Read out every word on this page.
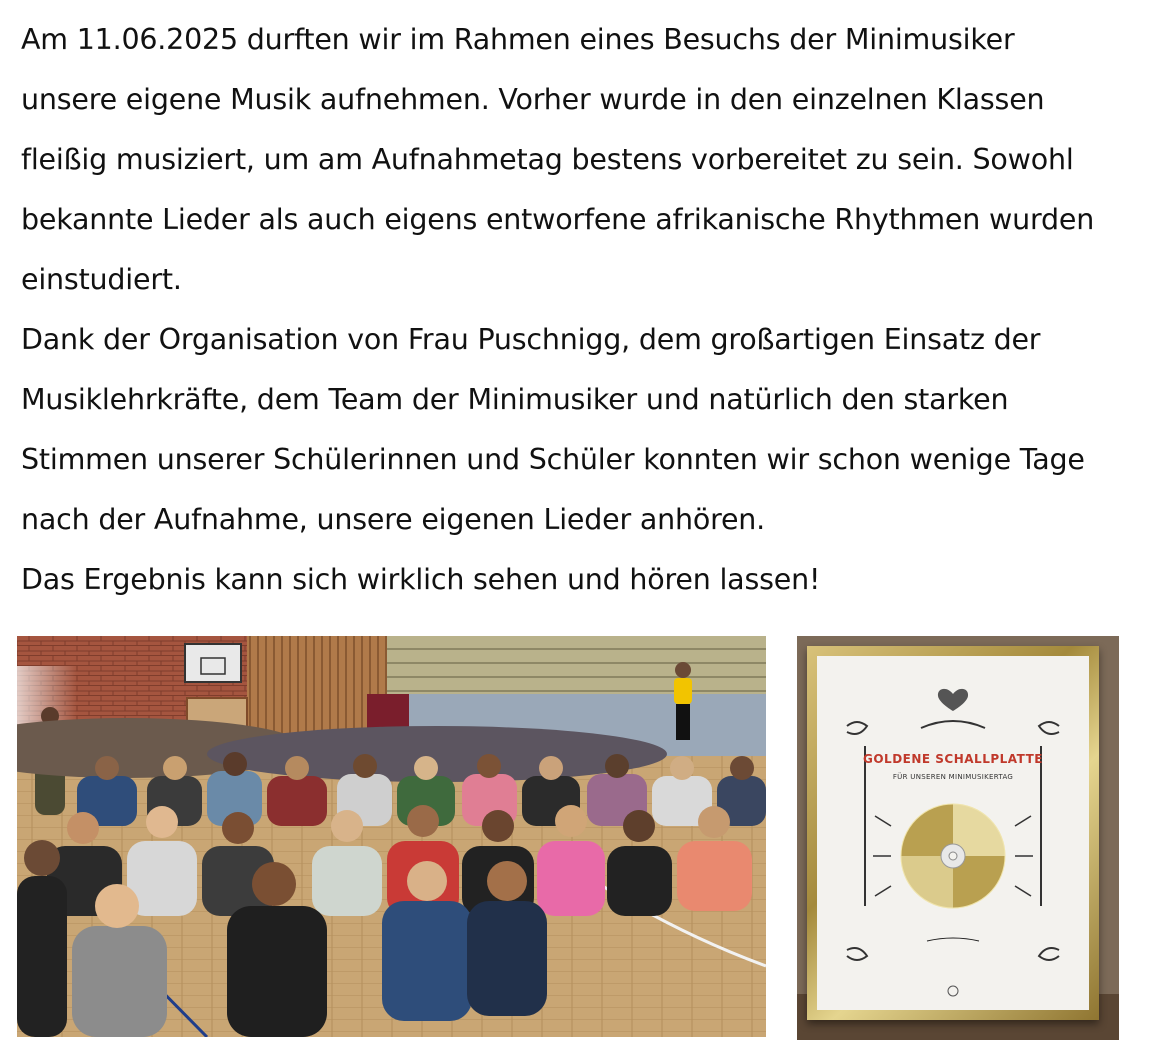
Am 11.06.2025 durften wir im Rahmen eines Besuchs der Minimusiker

unsere eigene Musik aufnehmen. Vorher wurde in den einzelnen Klassen

fleißig musiziert, um am Aufnahmetag bestens vorbereitet zu sein. Sowohl

bekannte Lieder als auch eigens entworfene afrikanische Rhythmen wurden

einstudiert.

Dank der Organisation von Frau Puschnigg, dem großartigen Einsatz der

Musiklehrkräfte, dem Team der Minimusiker und natürlich den starken

Stimmen unserer Schülerinnen und Schüler konnten wir schon wenige Tage

nach der Aufnahme, unsere eigenen Lieder anhören.

Das Ergebnis kann sich wirklich sehen und hören lassen!

GOLDENE SCHALLPLATTE
FÜR UNSEREN MINIMUSIKERTAG
